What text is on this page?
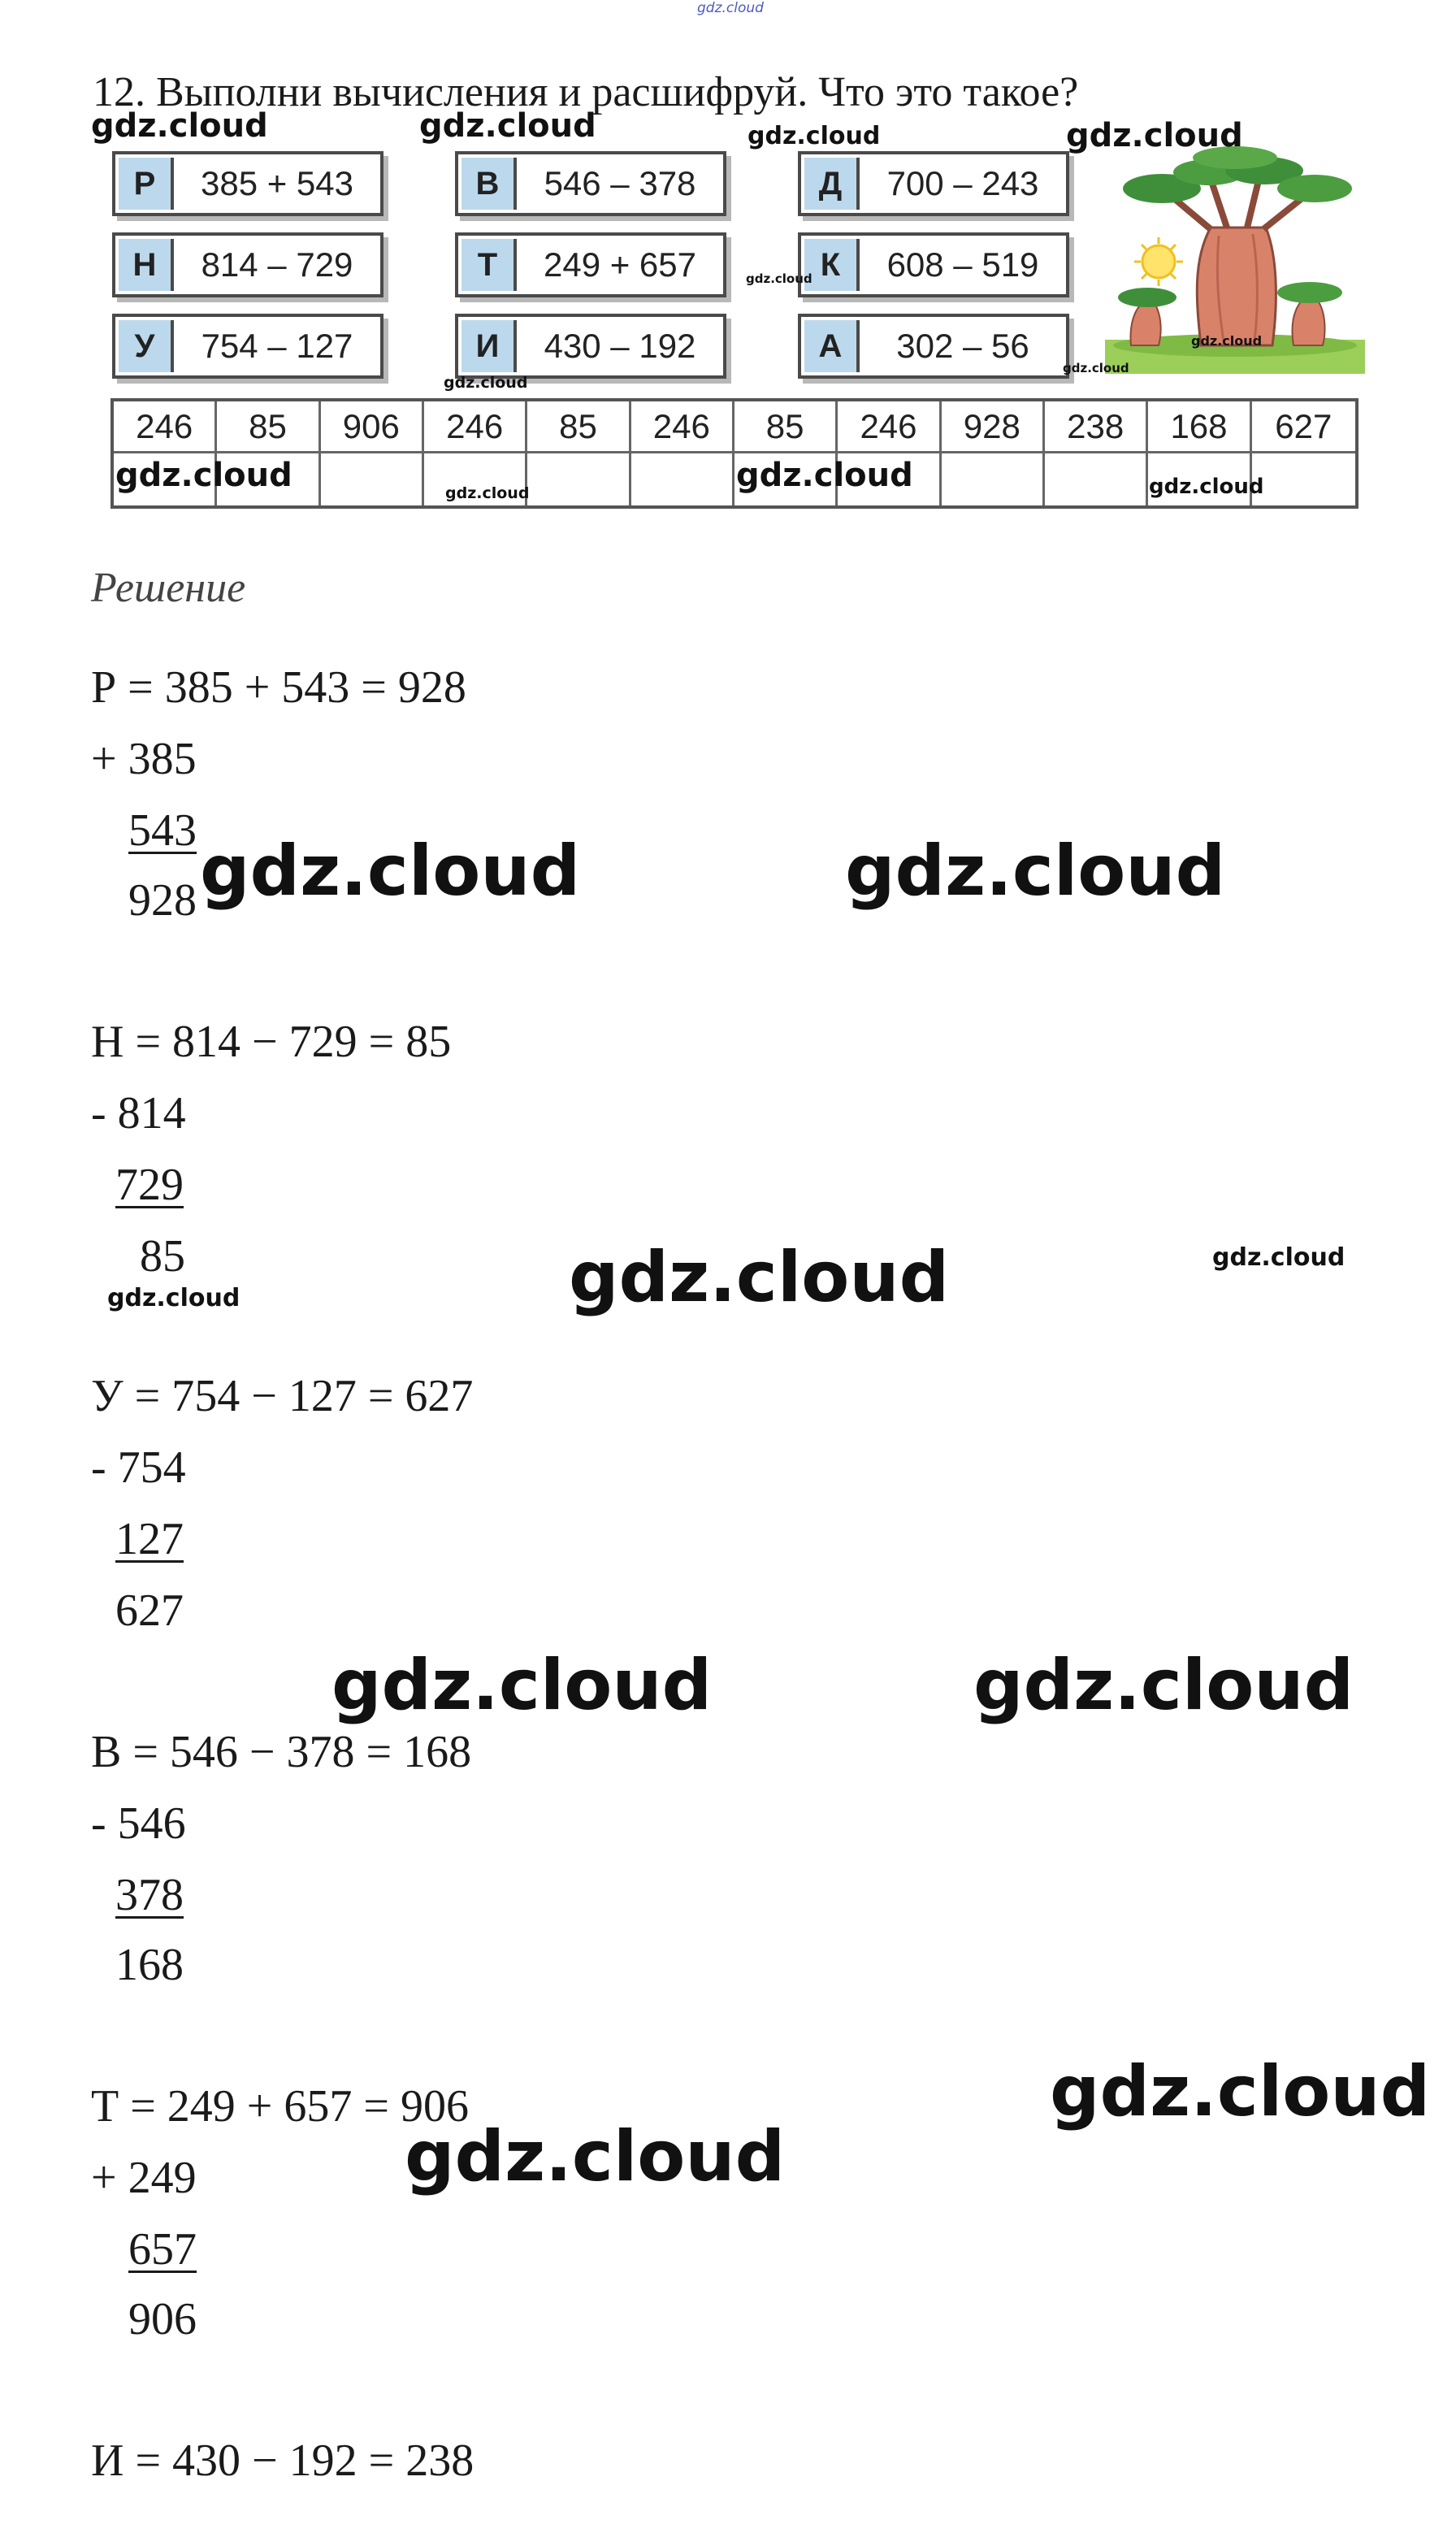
gdz.cloud
12. Выполни вычисления и расшифруй. Что это такое?
Р	385 + 543
Н	814 – 729
У	754 – 127
В	546 – 378
Т	249 + 657
И	430 – 192
Д	700 – 243
К	608 – 519
А	302 – 56
246	85	906	246	85	246	85	246	928	238	168	627
gdz.cloud	gdz.cloud	gdz.cloud	gdz.cloud
gdz.cloud
gdz.cloud
gdz.cloud
gdz.cloud
gdz.cloud	gdz.cloud	gdz.cloud	gdz.cloud
Решение
Р = 385 + 543 = 928
+ 385
543
928
Н = 814 − 729 = 85
- 814
729
85
У = 754 − 127 = 627
- 754
127
627
В = 546 − 378 = 168
- 546
378
168
Т = 249 + 657 = 906
+ 249
657
906
И = 430 − 192 = 238
gdz.cloud	gdz.cloud
gdz.cloud	gdz.cloud	gdz.cloud
gdz.cloud	gdz.cloud
gdz.cloud
gdz.cloud
